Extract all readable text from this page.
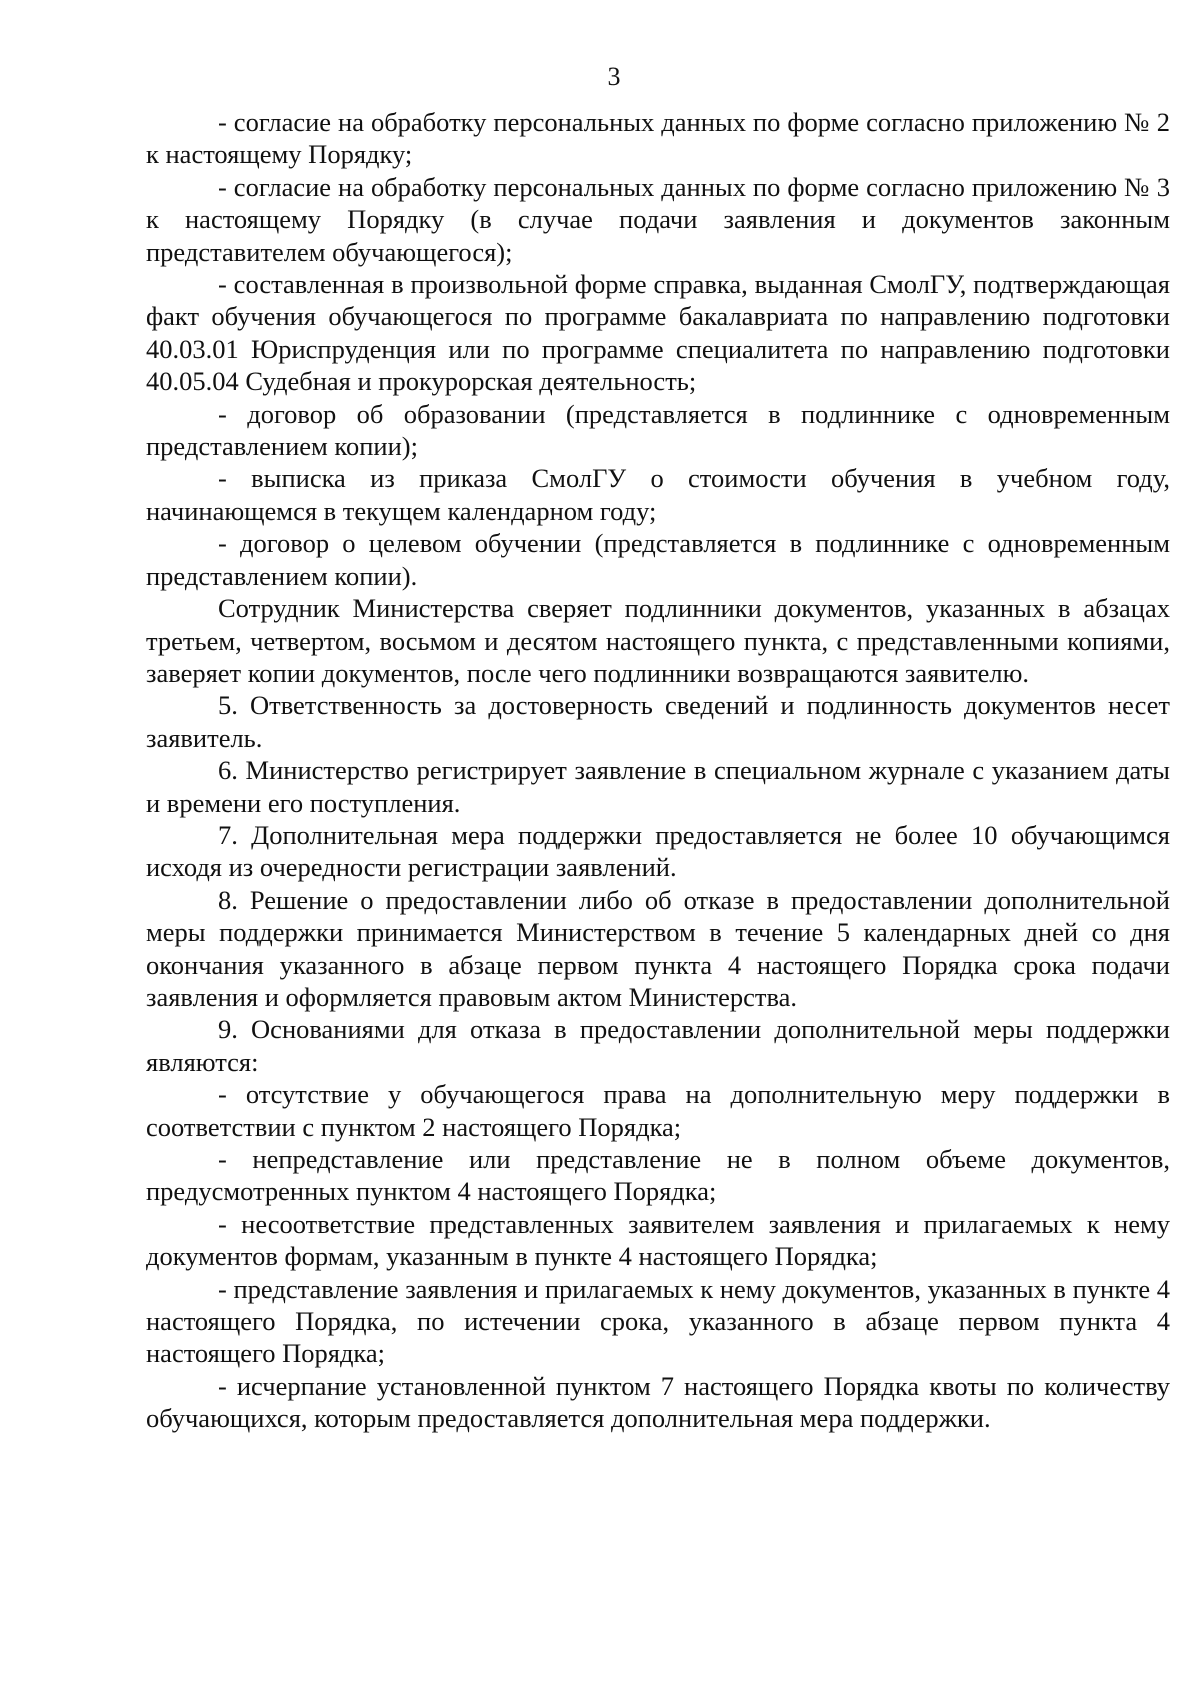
3

- согласие на обработку персональных данных по форме согласно приложению № 2 к настоящему Порядку;

- согласие на обработку персональных данных по форме согласно приложению № 3 к настоящему Порядку (в случае подачи заявления и документов законным представителем обучающегося);

- составленная в произвольной форме справка, выданная СмолГУ, подтверждающая факт обучения обучающегося по программе бакалавриата по направлению подготовки 40.03.01 Юриспруденция или по программе специалитета по направлению подготовки 40.05.04 Судебная и прокурорская деятельность;

- договор об образовании (представляется в подлиннике с одновременным представлением копии);

- выписка из приказа СмолГУ о стоимости обучения в учебном году, начинающемся в текущем календарном году;

- договор о целевом обучении (представляется в подлиннике с одновременным представлением копии).

Сотрудник Министерства сверяет подлинники документов, указанных в абзацах третьем, четвертом, восьмом и десятом настоящего пункта, с представленными копиями, заверяет копии документов, после чего подлинники возвращаются заявителю.

5. Ответственность за достоверность сведений и подлинность документов несет заявитель.

6. Министерство регистрирует заявление в специальном журнале с указанием даты и времени его поступления.

7. Дополнительная мера поддержки предоставляется не более 10 обучающимся исходя из очередности регистрации заявлений.

8. Решение о предоставлении либо об отказе в предоставлении дополнительной меры поддержки принимается Министерством в течение 5 календарных дней со дня окончания указанного в абзаце первом пункта 4 настоящего Порядка срока подачи заявления и оформляется правовым актом Министерства.

9. Основаниями для отказа в предоставлении дополнительной меры поддержки являются:

- отсутствие у обучающегося права на дополнительную меру поддержки в соответствии с пунктом 2 настоящего Порядка;

- непредставление или представление не в полном объеме документов, предусмотренных пунктом 4 настоящего Порядка;

- несоответствие представленных заявителем заявления и прилагаемых к нему документов формам, указанным в пункте 4 настоящего Порядка;

- представление заявления и прилагаемых к нему документов, указанных в пункте 4 настоящего Порядка, по истечении срока, указанного в абзаце первом пункта 4 настоящего Порядка;

- исчерпание установленной пунктом 7 настоящего Порядка квоты по количеству обучающихся, которым предоставляется дополнительная мера поддержки.
